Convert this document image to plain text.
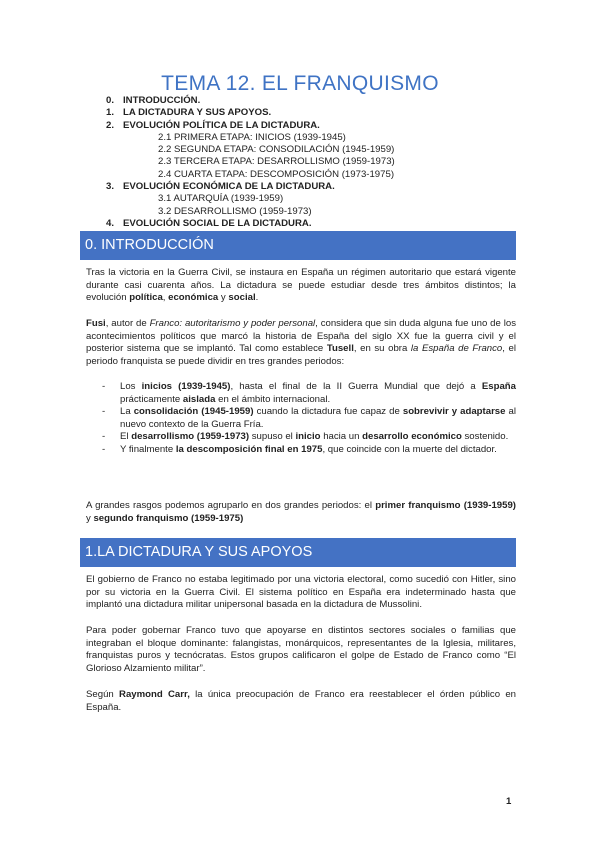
TEMA 12. EL FRANQUISMO
0. INTRODUCCIÓN.
1. LA DICTADURA Y SUS APOYOS.
2. EVOLUCIÓN POLÍTICA DE LA DICTADURA.
2.1 PRIMERA ETAPA: INICIOS (1939-1945)
2.2 SEGUNDA ETAPA: CONSODILACIÓN (1945-1959)
2.3 TERCERA ETAPA: DESARROLLISMO (1959-1973)
2.4 CUARTA ETAPA: DESCOMPOSICIÓN (1973-1975)
3. EVOLUCIÓN ECONÓMICA DE LA DICTADURA.
3.1 AUTARQUÍA (1939-1959)
3.2 DESARROLLISMO (1959-1973)
4. EVOLUCIÓN SOCIAL DE LA DICTADURA.
0. INTRODUCCIÓN

Tras la victoria en la Guerra Civil, se instaura en España un régimen autoritario que estará vigente durante casi cuarenta años. La dictadura se puede estudiar desde tres ámbitos distintos; la evolución política, económica y social.

Fusi, autor de Franco: autoritarismo y poder personal, considera que sin duda alguna fue uno de los acontecimientos políticos que marcó la historia de España del siglo XX fue la guerra civil y el posterior sistema que se implantó. Tal como establece Tusell, en su obra la España de Franco, el periodo franquista se puede dividir en tres grandes periodos:

- Los inicios (1939-1945), hasta el final de la II Guerra Mundial que dejó a España prácticamente aislada en el ámbito internacional.
- La consolidación (1945-1959) cuando la dictadura fue capaz de sobrevivir y adaptarse al nuevo contexto de la Guerra Fría.
- El desarrollismo (1959-1973) supuso el inicio hacia un desarrollo económico sostenido.
- Y finalmente la descomposición final en 1975, que coincide con la muerte del dictador.

A grandes rasgos podemos agruparlo en dos grandes periodos: el primer franquismo (1939-1959) y segundo franquismo (1959-1975)

1.LA DICTADURA Y SUS APOYOS

El gobierno de Franco no estaba legitimado por una victoria electoral, como sucedió con Hitler, sino por su victoria en la Guerra Civil. El sistema político en España era indeterminado hasta que implantó una dictadura militar unipersonal basada en la dictadura de Mussolini.

Para poder gobernar Franco tuvo que apoyarse en distintos sectores sociales o familias que integraban el bloque dominante: falangistas, monárquicos, representantes de la Iglesia, militares, franquistas puros y tecnócratas. Estos grupos calificaron el golpe de Estado de Franco como “El Glorioso Alzamiento militar”.

Según Raymond Carr, la única preocupación de Franco era reestablecer el órden público en España.

1
